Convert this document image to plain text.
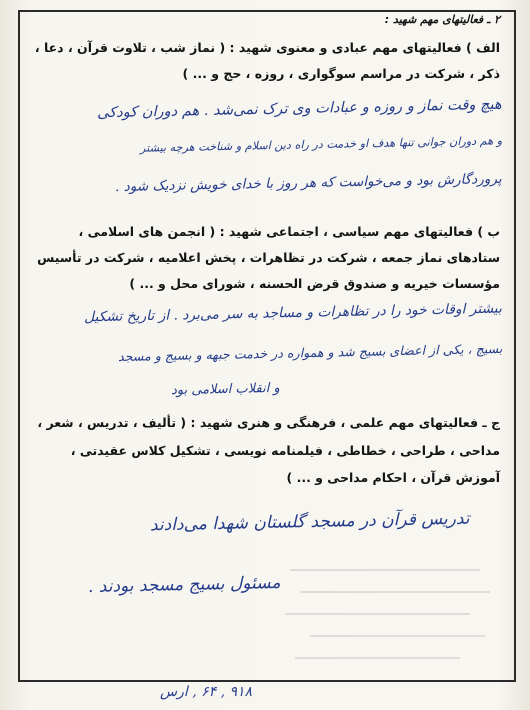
۲ ـ فعالیتهای مهم شهید :
الف ) فعالیتهای مهم عبادی و معنوی شهید : ( نماز شب ، تلاوت قرآن ، دعا ،
ذکر ، شرکت در مراسم سوگواری ، روزه ، حج و ... )
هیچ وقت نماز و روزه و عبادات وی ترک نمی‌شد . هم دوران کودکی
و هم دوران جوانی تنها هدف او خدمت در راه دین اسلام و شناخت هرچه بیشتر
پروردگارش بود و می‌خواست که هر روز با خدای خویش نزدیک شود .
ب ) فعالیتهای مهم سیاسی ، اجتماعی شهید : ( انجمن های اسلامی ،
ستادهای نماز جمعه ، شرکت در تظاهرات ، پخش اعلامیه ، شرکت در تأسیس
مؤسسات خیریه و صندوق قرض الحسنه ، شورای محل و ... )
بیشتر اوقات خود را در تظاهرات و مساجد به سر می‌برد . از تاریخ تشکیل
بسیج ، یکی از اعضای بسیج شد و همواره در خدمت جبهه و بسیج و مسجد
و انقلاب اسلامی بود
ج ـ فعالیتهای مهم علمی ، فرهنگی و هنری شهید : ( تألیف ، تدریس ، شعر ،
مداحی ، طراحی ، خطاطی ، فیلمنامه نویسی ، تشکیل کلاس عقیدتی ،
آموزش قرآن ، احکام مداحی و ... )
تدریس قرآن در مسجد گلستان شهدا می‌دادند
مسئول بسیج مسجد بودند .
۹۱۸ , ۶۴ , ارس
